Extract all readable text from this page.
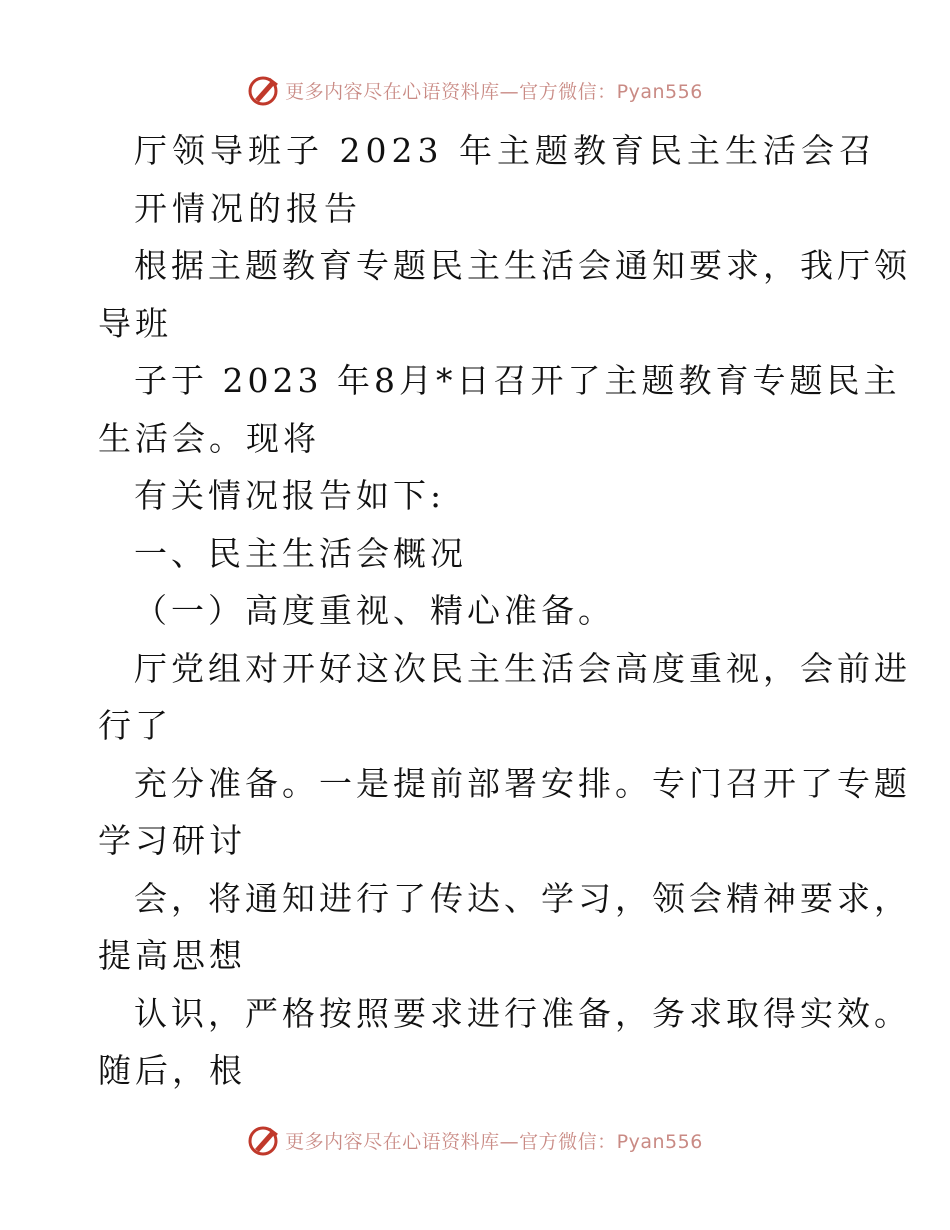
更多内容尽在心语资料库—官方微信：Pyan556
厅领导班子 2023 年主题教育民主生活会召
开情况的报告
根据主题教育专题民主生活会通知要求，我厅领
导班
子于 2023 年8月*日召开了主题教育专题民主
生活会。现将
有关情况报告如下:
一、民主生活会概况
（一）高度重视、精心准备。
厅党组对开好这次民主生活会高度重视，会前进
行了
充分准备。一是提前部署安排。专门召开了专题
学习研讨
会，将通知进行了传达、学习，领会精神要求，
提高思想
认识，严格按照要求进行准备，务求取得实效。
随后，根
更多内容尽在心语资料库—官方微信：Pyan556
